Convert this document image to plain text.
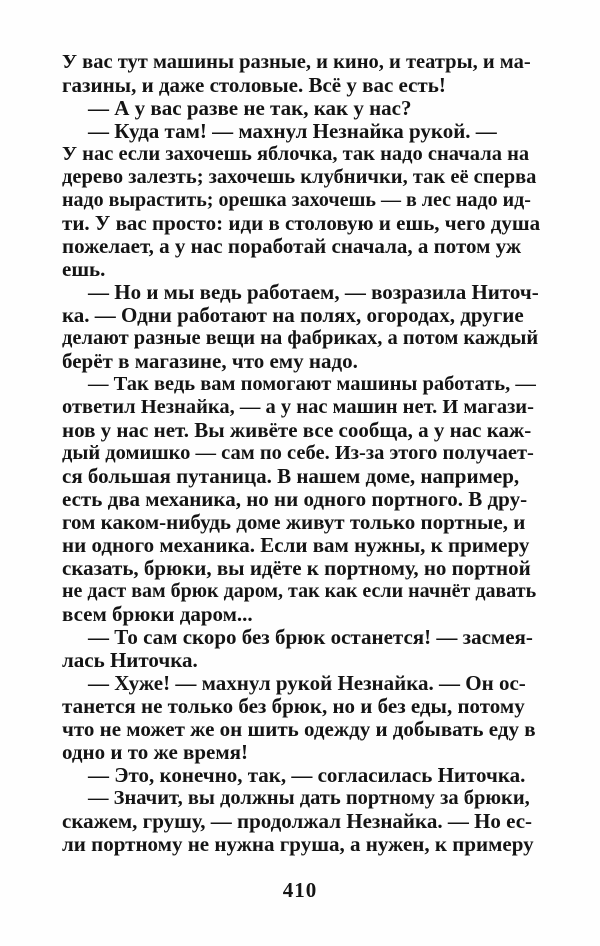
У вас тут машины разные, и кино, и театры, и ма-
газины, и даже столовые. Всё у вас есть!
— А у вас разве не так, как у нас?
— Куда там! — махнул Незнайка рукой. —
У нас если захочешь яблочка, так надо сначала на
дерево залезть; захочешь клубнички, так её сперва
надо вырастить; орешка захочешь — в лес надо ид-
ти. У вас просто: иди в столовую и ешь, чего душа
пожелает, а у нас поработай сначала, а потом уж
ешь.
— Но и мы ведь работаем, — возразила Ниточ-
ка. — Одни работают на полях, огородах, другие
делают разные вещи на фабриках, а потом каждый
берёт в магазине, что ему надо.
— Так ведь вам помогают машины работать, —
ответил Незнайка, — а у нас машин нет. И магази-
нов у нас нет. Вы живёте все сообща, а у нас каж-
дый домишко — сам по себе. Из-за этого получает-
ся большая путаница. В нашем доме, например,
есть два механика, но ни одного портного. В дру-
гом каком-нибудь доме живут только портные, и
ни одного механика. Если вам нужны, к примеру
сказать, брюки, вы идёте к портному, но портной
не даст вам брюк даром, так как если начнёт давать
всем брюки даром...
— То сам скоро без брюк останется! — засмея-
лась Ниточка.
— Хуже! — махнул рукой Незнайка. — Он ос-
танется не только без брюк, но и без еды, потому
что не может же он шить одежду и добывать еду в
одно и то же время!
— Это, конечно, так, — согласилась Ниточка.
— Значит, вы должны дать портному за брюки,
скажем, грушу, — продолжал Незнайка. — Но ес-
ли портному не нужна груша, а нужен, к примеру
410
